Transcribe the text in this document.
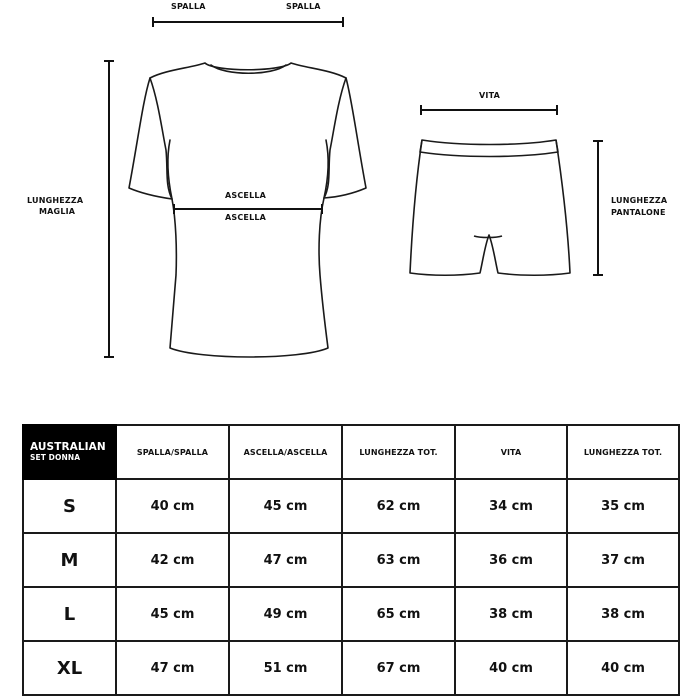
SPALLA	SPALLA
ASCELLA
ASCELLA
LUNGHEZZA
MAGLIA
VITA
LUNGHEZZA
PANTALONE
AUSTRALIAN
SET DONNA	SPALLA/SPALLA	ASCELLA/ASCELLA	LUNGHEZZA TOT.	VITA	LUNGHEZZA TOT.
S	40 cm	45 cm	62 cm	34 cm	35 cm
M	42 cm	47 cm	63 cm	36 cm	37 cm
L	45 cm	49 cm	65 cm	38 cm	38 cm
XL	47 cm	51 cm	67 cm	40 cm	40 cm
